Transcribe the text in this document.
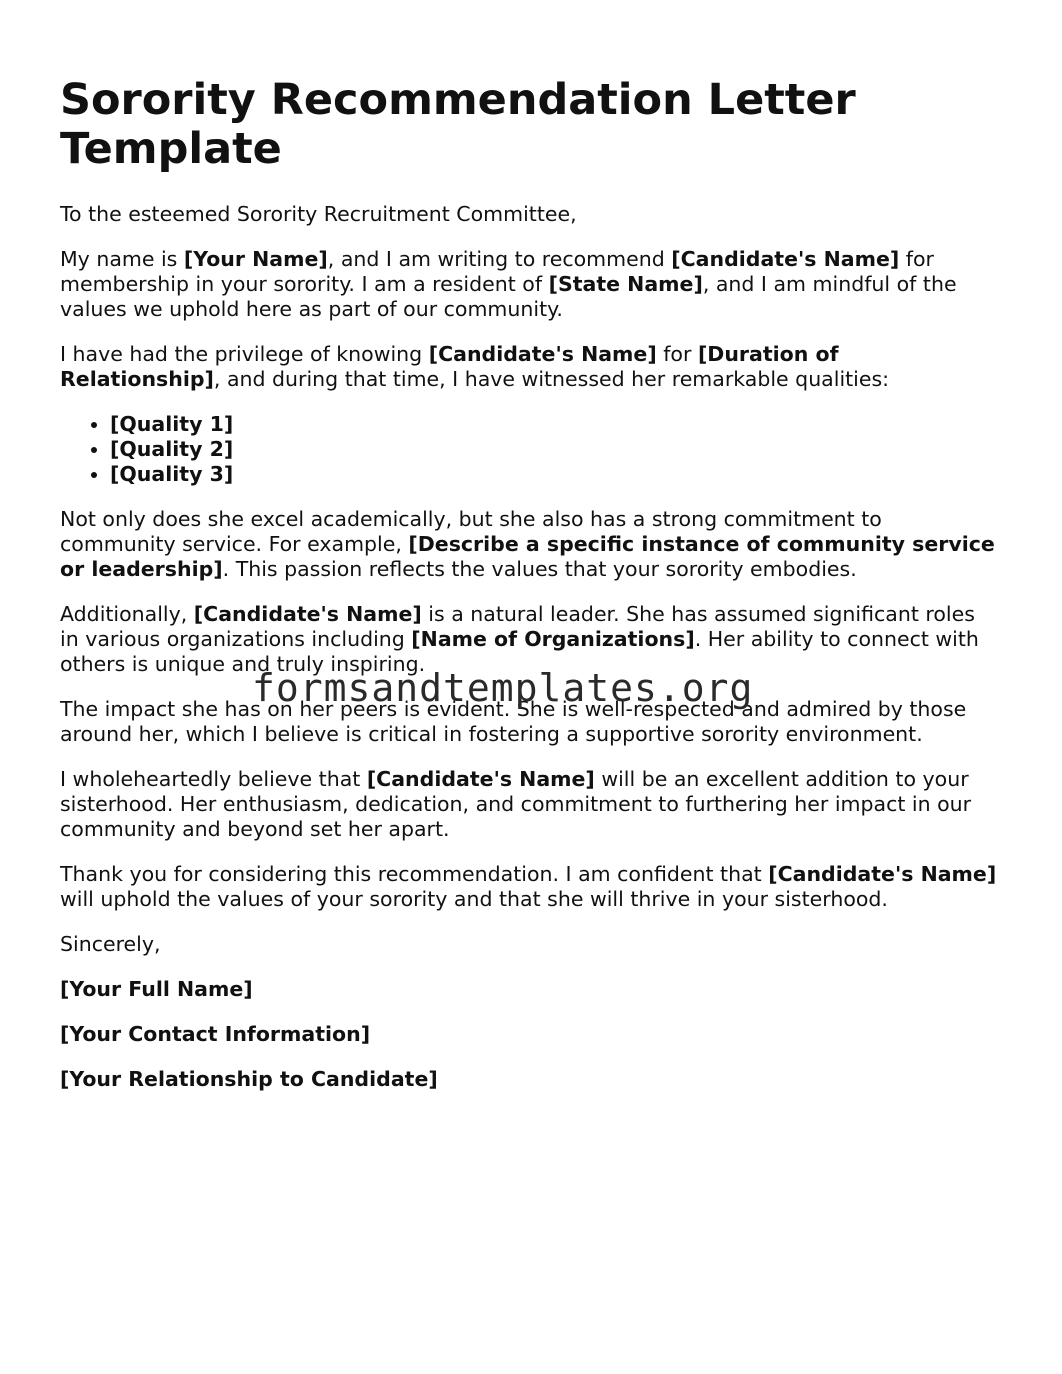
Sorority Recommendation Letter Template

To the esteemed Sorority Recruitment Committee,

My name is [Your Name], and I am writing to recommend [Candidate's Name] for membership in your sorority. I am a resident of [State Name], and I am mindful of the values we uphold here as part of our community.

I have had the privilege of knowing [Candidate's Name] for [Duration of Relationship], and during that time, I have witnessed her remarkable qualities:

• [Quality 1]
• [Quality 2]
• [Quality 3]

Not only does she excel academically, but she also has a strong commitment to community service. For example, [Describe a specific instance of community service or leadership]. This passion reflects the values that your sorority embodies.

Additionally, [Candidate's Name] is a natural leader. She has assumed significant roles in various organizations including [Name of Organizations]. Her ability to connect with others is unique and truly inspiring.

The impact she has on her peers is evident. She is well-respected and admired by those around her, which I believe is critical in fostering a supportive sorority environment.

I wholeheartedly believe that [Candidate's Name] will be an excellent addition to your sisterhood. Her enthusiasm, dedication, and commitment to furthering her impact in our community and beyond set her apart.

Thank you for considering this recommendation. I am confident that [Candidate's Name] will uphold the values of your sorority and that she will thrive in your sisterhood.

Sincerely,

[Your Full Name]

[Your Contact Information]

[Your Relationship to Candidate]

formsandtemplates.org
